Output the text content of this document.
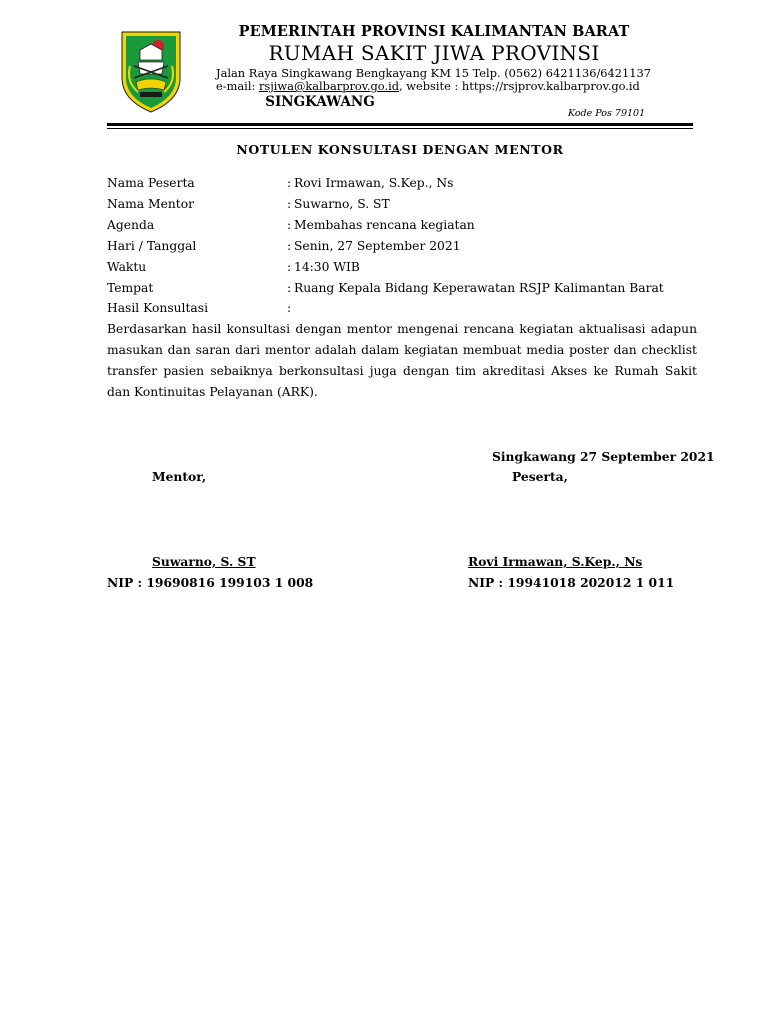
PEMERINTAH PROVINSI KALIMANTAN BARAT
RUMAH SAKIT JIWA PROVINSI
Jalan Raya Singkawang Bengkayang KM 15 Telp. (0562) 6421136/6421137
e-mail: rsjiwa@kalbarprov.go.id, website : https://rsjprov.kalbarprov.go.id
SINGKAWANG
Kode Pos 79101
NOTULEN KONSULTASI DENGAN MENTOR
Nama Peserta	: Rovi Irmawan, S.Kep., Ns
Nama Mentor	: Suwarno, S. ST
Agenda	: Membahas rencana kegiatan
Hari / Tanggal	: Senin, 27 September 2021
Waktu	: 14:30 WIB
Tempat	: Ruang Kepala Bidang Keperawatan RSJP Kalimantan Barat
Hasil Konsultasi	:
Berdasarkan hasil konsultasi dengan mentor mengenai rencana kegiatan aktualisasi adapun masukan dan saran dari mentor adalah dalam kegiatan membuat media poster dan checklist transfer pasien sebaiknya berkonsultasi juga dengan tim akreditasi Akses ke Rumah Sakit dan Kontinuitas Pelayanan (ARK).
Singkawang 27 September 2021
Mentor,	Peserta,
Suwarno, S. ST	Rovi Irmawan, S.Kep., Ns
NIP : 19690816 199103 1 008	NIP : 19941018 202012 1 011
